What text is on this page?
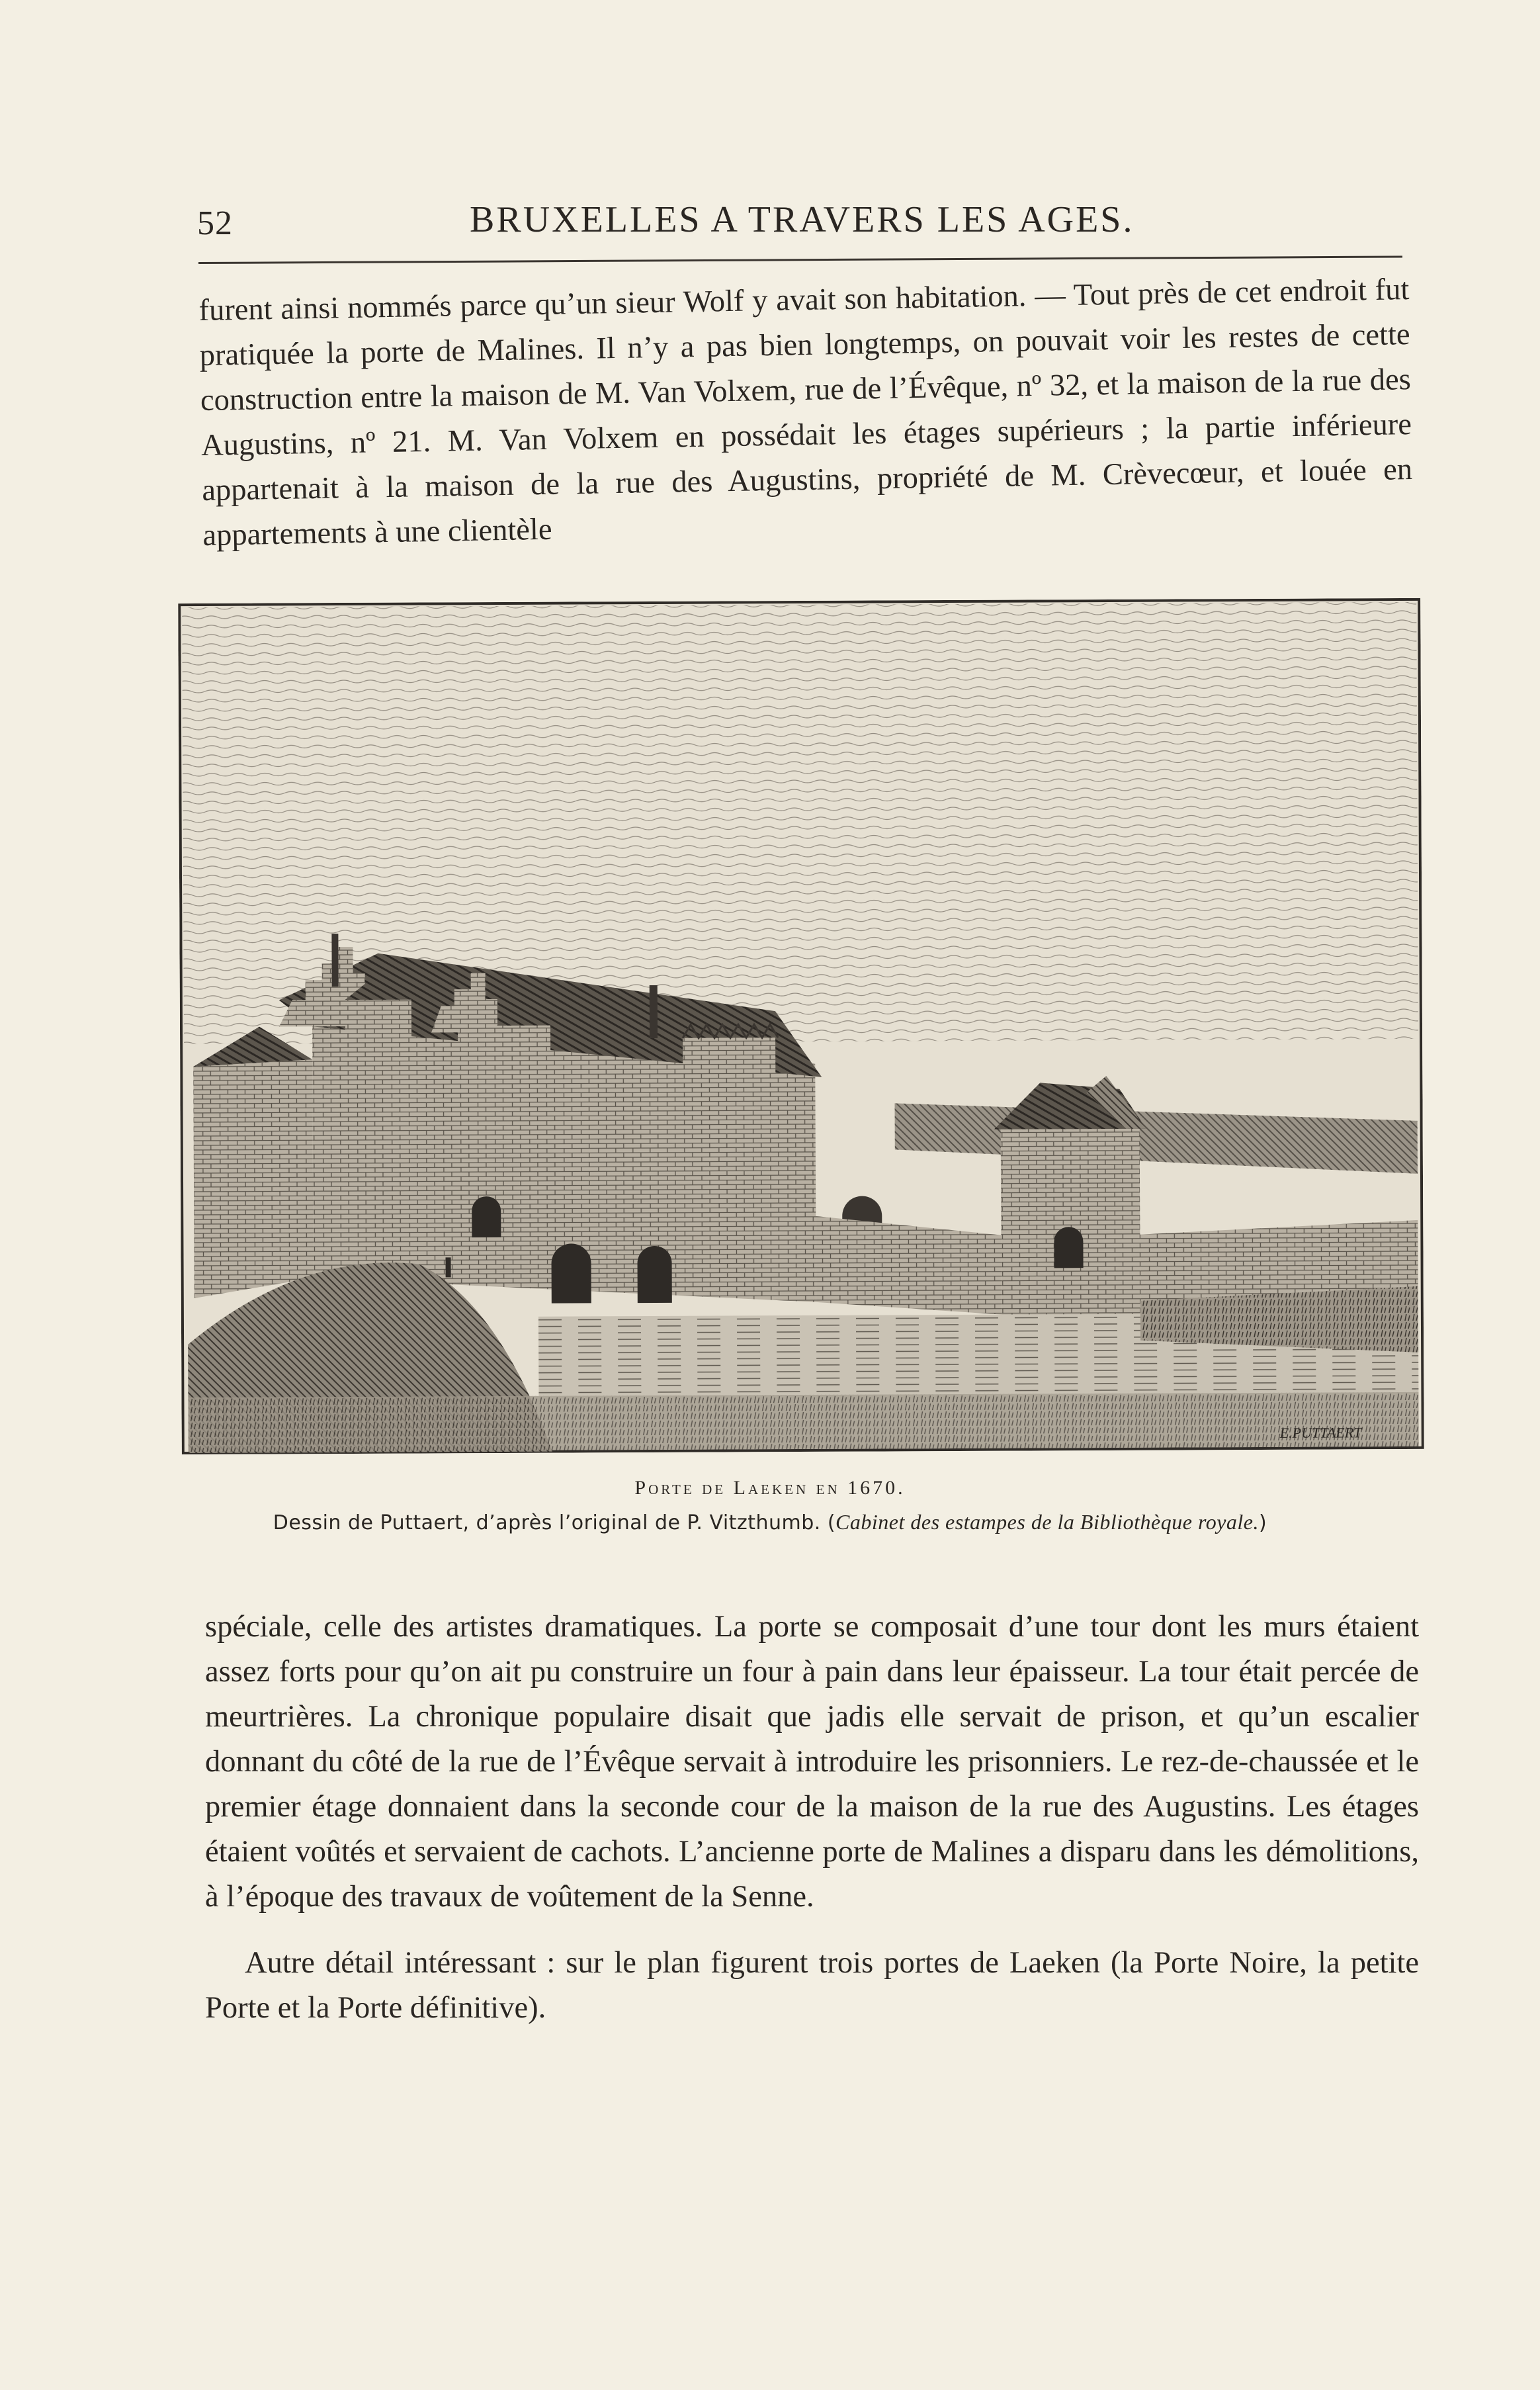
52	BRUXELLES A TRAVERS LES AGES.

furent ainsi nommés parce qu’un sieur Wolf y avait son habitation. — Tout près de cet endroit fut pratiquée la porte de Malines. Il n’y a pas bien longtemps, on pouvait voir les restes de cette construction entre la maison de M. Van Volxem, rue de l’Évêque, nº 32, et la maison de la rue des Augustins, nº 21. M. Van Volxem en possédait les étages supérieurs ; la partie inférieure appartenait à la maison de la rue des Augustins, propriété de M. Crèvecœur, et louée en appartements à une clientèle

E.PUTTAERT
Porte de Laeken en 1670.
Dessin de Puttaert, d’après l’original de P. Vitzthumb. (Cabinet des estampes de la Bibliothèque royale.)

spéciale, celle des artistes dramatiques. La porte se composait d’une tour dont les murs étaient assez forts pour qu’on ait pu construire un four à pain dans leur épaisseur. La tour était percée de meurtrières. La chronique populaire disait que jadis elle servait de prison, et qu’un escalier donnant du côté de la rue de l’Évêque servait à introduire les prisonniers. Le rez-de-chaussée et le premier étage donnaient dans la seconde cour de la maison de la rue des Augustins. Les étages étaient voûtés et servaient de cachots. L’ancienne porte de Malines a disparu dans les démolitions, à l’époque des travaux de voûtement de la Senne.

Autre détail intéressant : sur le plan figurent trois portes de Laeken (la Porte Noire, la petite Porte et la Porte définitive).
